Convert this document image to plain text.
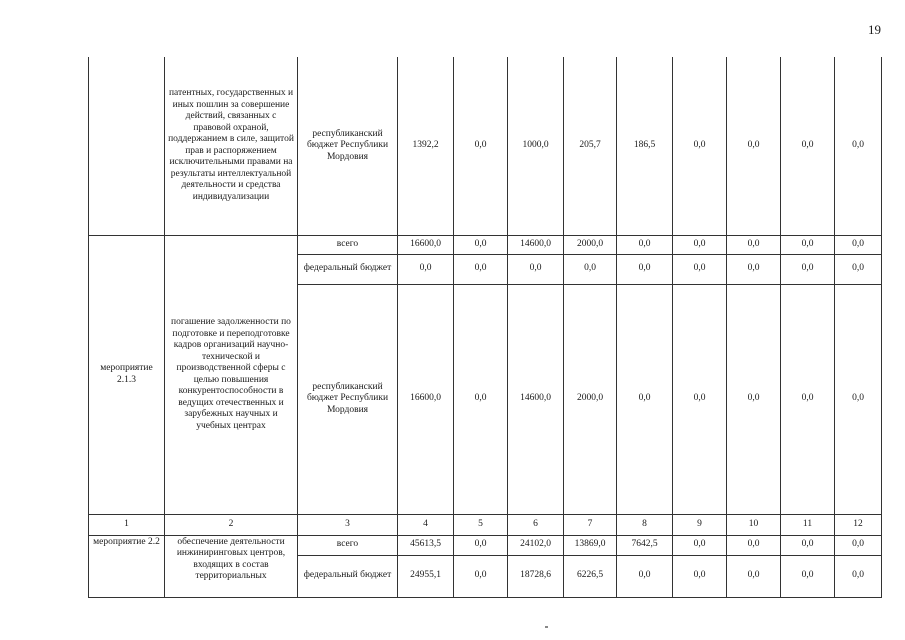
19
	патентных, государственных и иных пошлин за совершение действий, связанных с правовой охраной, поддержанием в силе, защитой прав и распоряжением исключительными правами на результаты интеллектуальной деятельности и средства индивидуализации	республиканский бюджет Республики Мордовия	1392,2	0,0	1000,0	205,7	186,5	0,0	0,0	0,0	0,0
мероприятие 2.1.3	погашение задолженности по подготовке и переподготовке кадров организаций научно-технической и производственной сферы с целью повышения конкурентоспособности в ведущих отечественных и зарубежных научных и учебных центрах	всего	16600,0	0,0	14600,0	2000,0	0,0	0,0	0,0	0,0	0,0
		федеральный бюджет	0,0	0,0	0,0	0,0	0,0	0,0	0,0	0,0	0,0
		республиканский бюджет Республики Мордовия	16600,0	0,0	14600,0	2000,0	0,0	0,0	0,0	0,0	0,0
1	2	3	4	5	6	7	8	9	10	11	12
мероприятие 2.2	обеспечение деятельности инжиниринговых центров, входящих в состав территориальных	всего	45613,5	0,0	24102,0	13869,0	7642,5	0,0	0,0	0,0	0,0
		федеральный бюджет	24955,1	0,0	18728,6	6226,5	0,0	0,0	0,0	0,0	0,0
